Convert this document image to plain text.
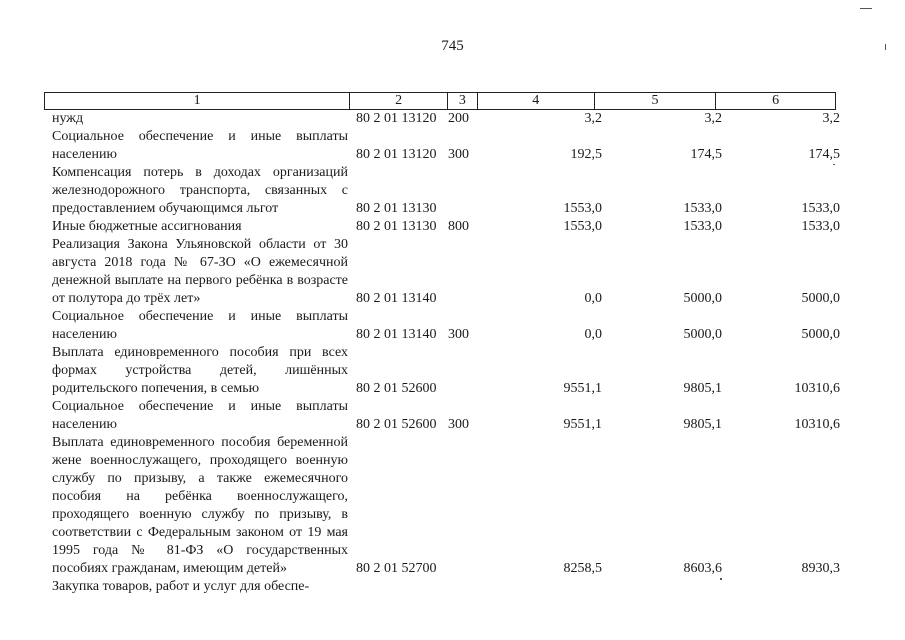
745
1	2	3	4	5	6
нужд	80 2 01 13120 200	3,2	3,2	3,2
Социальное обеспечение и иные выплаты населению	80 2 01 13120 300	192,5	174,5	174,5
Компенсация потерь в доходах организаций железнодорожного транспорта, связанных с предоставлением обучающимся льгот	80 2 01 13130	1553,0	1533,0	1533,0
Иные бюджетные ассигнования	80 2 01 13130 800	1553,0	1533,0	1533,0
Реализация Закона Ульяновской области от 30 августа 2018 года № 67-ЗО «О ежемесячной денежной выплате на первого ребёнка в возрасте от полутора до трёх лет»	80 2 01 13140	0,0	5000,0	5000,0
Социальное обеспечение и иные выплаты населению	80 2 01 13140 300	0,0	5000,0	5000,0
Выплата единовременного пособия при всех формах устройства детей, лишённых родительского попечения, в семью	80 2 01 52600	9551,1	9805,1	10310,6
Социальное обеспечение и иные выплаты населению	80 2 01 52600 300	9551,1	9805,1	10310,6
Выплата единовременного пособия беременной жене военнослужащего, проходящего военную службу по призыву, а также ежемесячного пособия на ребёнка военнослужащего, проходящего военную службу по призыву, в соответствии с Федеральным законом от 19 мая 1995 года № 81-ФЗ «О государственных пособиях гражданам, имеющим детей»	80 2 01 52700	8258,5	8603,6	8930,3
Закупка товаров, работ и услуг для обеспе-
